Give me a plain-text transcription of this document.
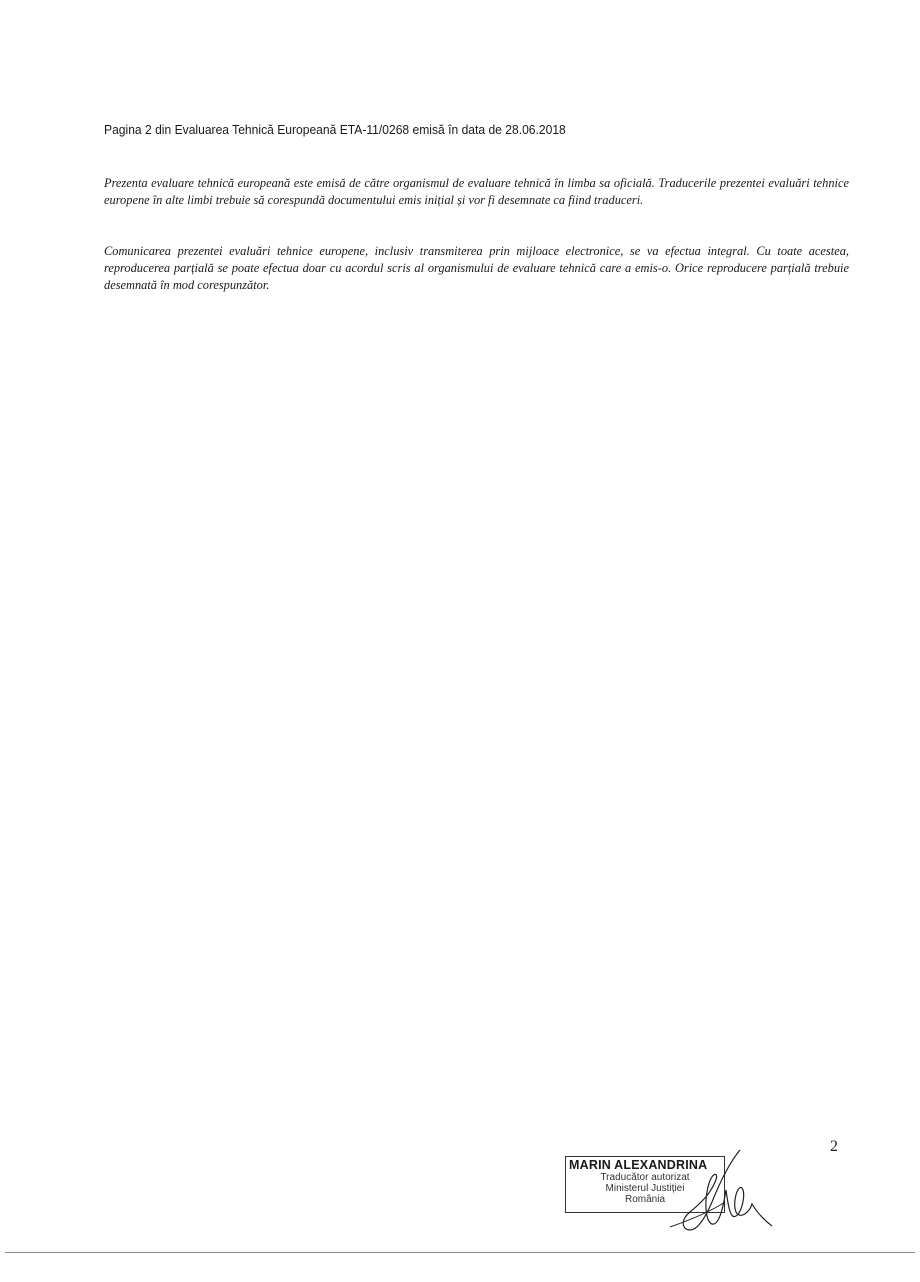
Pagina 2 din Evaluarea Tehnică Europeană ETA-11/0268 emisă în data de 28.06.2018

Prezenta evaluare tehnică europeană este emisă de către organismul de evaluare tehnică în limba sa oficială. Traducerile prezentei evaluări tehnice europene în alte limbi trebuie să corespundă documentului emis inițial și vor fi desemnate ca fiind traduceri.

Comunicarea prezentei evaluări tehnice europene, inclusiv transmiterea prin mijloace electronice, se va efectua integral. Cu toate acestea, reproducerea parțială se poate efectua doar cu acordul scris al organismului de evaluare tehnică care a emis-o. Orice reproducere parțială trebuie desemnată în mod corespunzător.

2
MARIN ALEXANDRINA
Traducător autorizat
Ministerul Justiției
România
